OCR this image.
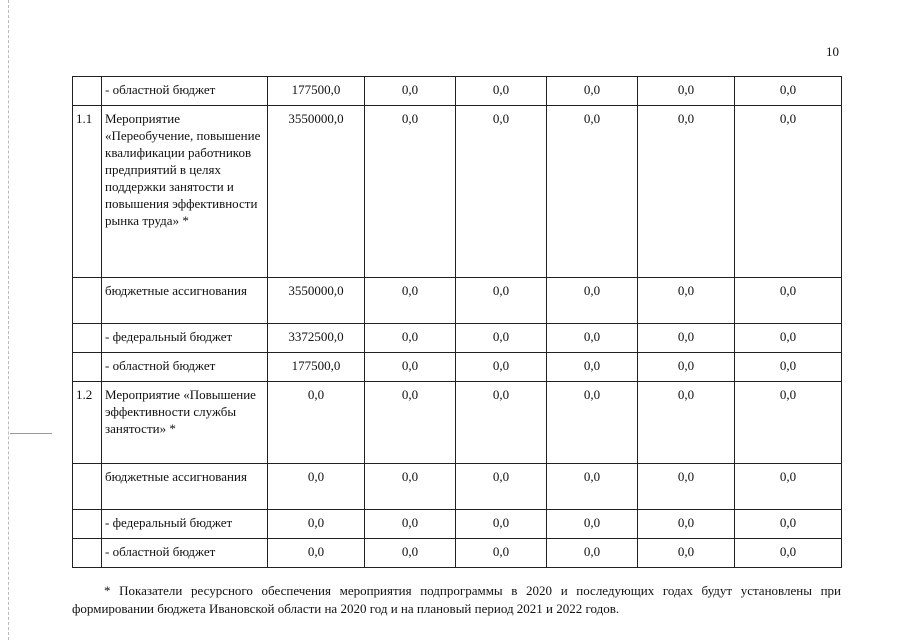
10
	- областной бюджет	177500,0	0,0	0,0	0,0	0,0	0,0
1.1	Мероприятие «Переобучение, повышение квалификации работников предприятий в целях поддержки занятости и повышения эффективности рынка труда» *	3550000,0	0,0	0,0	0,0	0,0	0,0
	бюджетные ассигнования	3550000,0	0,0	0,0	0,0	0,0	0,0
	- федеральный бюджет	3372500,0	0,0	0,0	0,0	0,0	0,0
	- областной бюджет	177500,0	0,0	0,0	0,0	0,0	0,0
1.2	Мероприятие «Повышение эффективности службы занятости» *	0,0	0,0	0,0	0,0	0,0	0,0
	бюджетные ассигнования	0,0	0,0	0,0	0,0	0,0	0,0
	- федеральный бюджет	0,0	0,0	0,0	0,0	0,0	0,0
	- областной бюджет	0,0	0,0	0,0	0,0	0,0	0,0
* Показатели ресурсного обеспечения мероприятия подпрограммы в 2020 и последующих годах будут установлены при формировании бюджета Ивановской области на 2020 год и на плановый период 2021 и 2022 годов.
